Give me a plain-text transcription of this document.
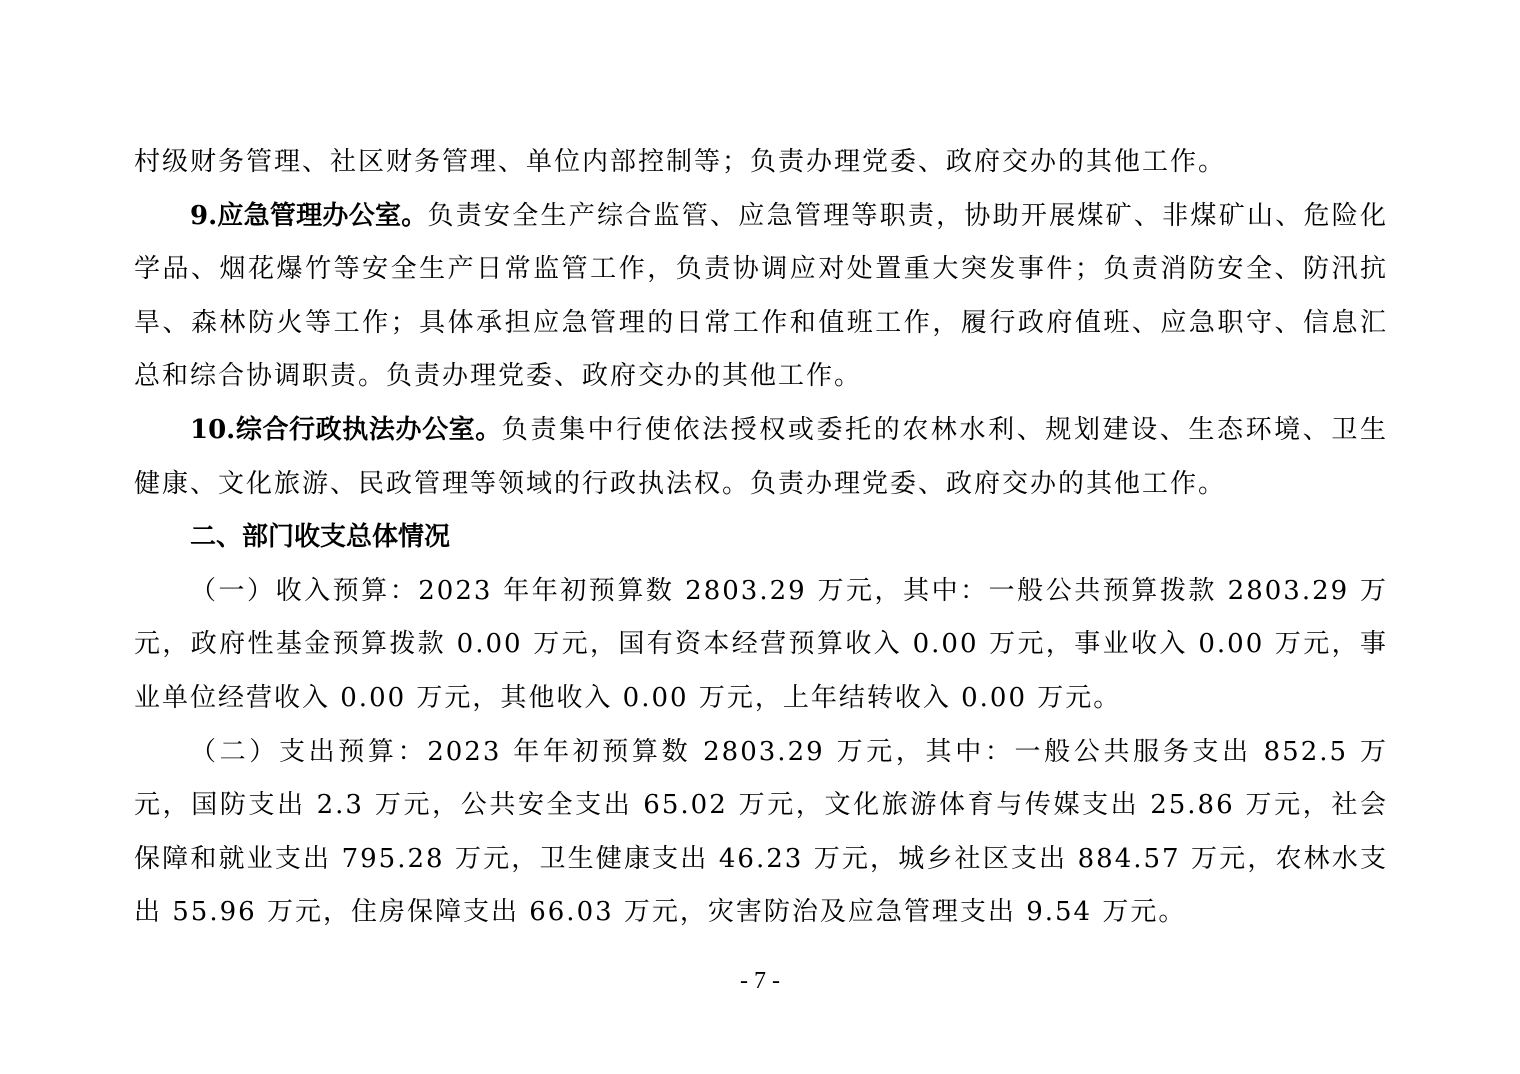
村级财务管理、社区财务管理、单位内部控制等；负责办理党委、政府交办的其他工作。

9.应急管理办公室。负责安全生产综合监管、应急管理等职责，协助开展煤矿、非煤矿山、危险化学品、烟花爆竹等安全生产日常监管工作，负责协调应对处置重大突发事件；负责消防安全、防汛抗旱、森林防火等工作；具体承担应急管理的日常工作和值班工作，履行政府值班、应急职守、信息汇总和综合协调职责。负责办理党委、政府交办的其他工作。

10.综合行政执法办公室。负责集中行使依法授权或委托的农林水利、规划建设、生态环境、卫生健康、文化旅游、民政管理等领域的行政执法权。负责办理党委、政府交办的其他工作。

二、部门收支总体情况

（一）收入预算：2023 年年初预算数 2803.29 万元，其中：一般公共预算拨款 2803.29 万元，政府性基金预算拨款 0.00 万元，国有资本经营预算收入 0.00 万元，事业收入 0.00 万元，事业单位经营收入 0.00 万元，其他收入 0.00 万元，上年结转收入 0.00 万元。

（二）支出预算：2023 年年初预算数 2803.29 万元，其中：一般公共服务支出 852.5 万元，国防支出 2.3 万元，公共安全支出 65.02 万元，文化旅游体育与传媒支出 25.86 万元，社会保障和就业支出 795.28 万元，卫生健康支出 46.23 万元，城乡社区支出 884.57 万元，农林水支出 55.96 万元，住房保障支出 66.03 万元，灾害防治及应急管理支出 9.54 万元。

- 7 -
